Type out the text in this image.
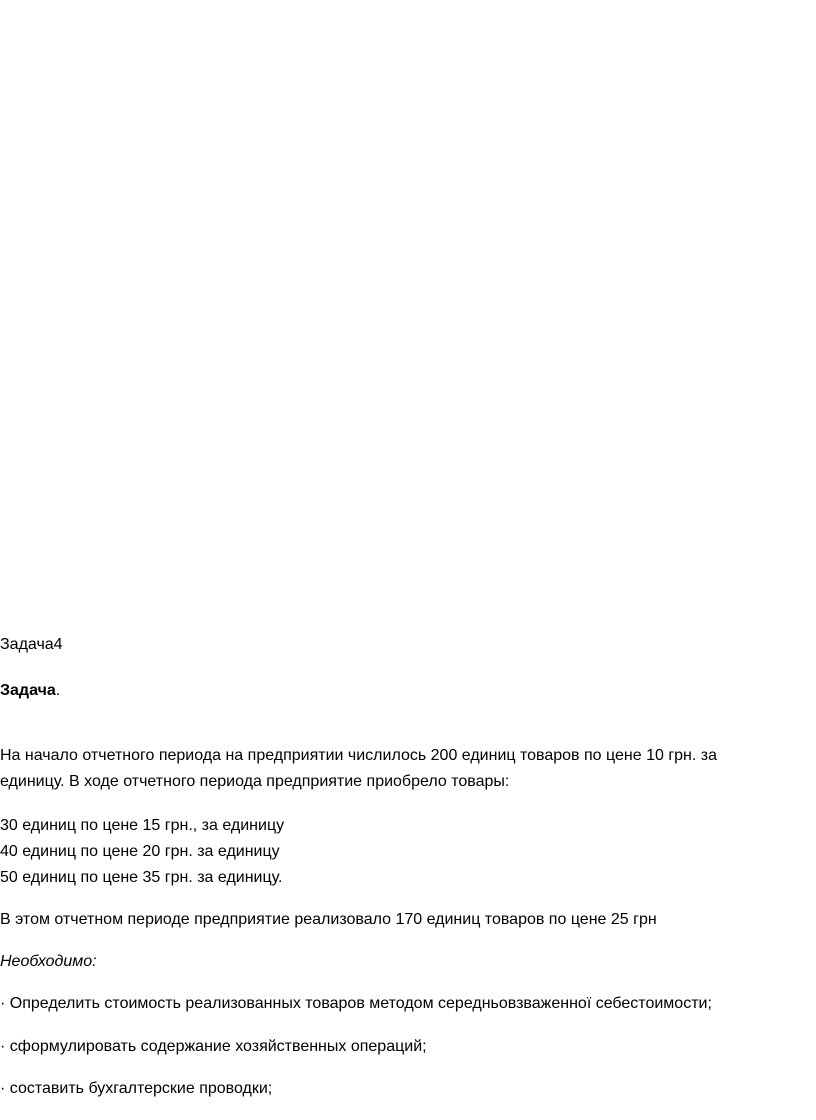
Задача4

Задача.

На начало отчетного периода на предприятии числилось 200 единиц товаров по цене 10 грн. за

единицу. В ходе отчетного периода предприятие приобрело товары:

30 единиц по цене 15 грн., за единицу

40 единиц по цене 20 грн. за единицу

50 единиц по цене 35 грн. за единицу.

В этом отчетном периоде предприятие реализовало 170 единиц товаров по цене 25 грн

Необходимо:

· Определить стоимость реализованных товаров методом середньовзваженної себестоимости;

· сформулировать содержание хозяйственных операций;

· составить бухгалтерские проводки;
